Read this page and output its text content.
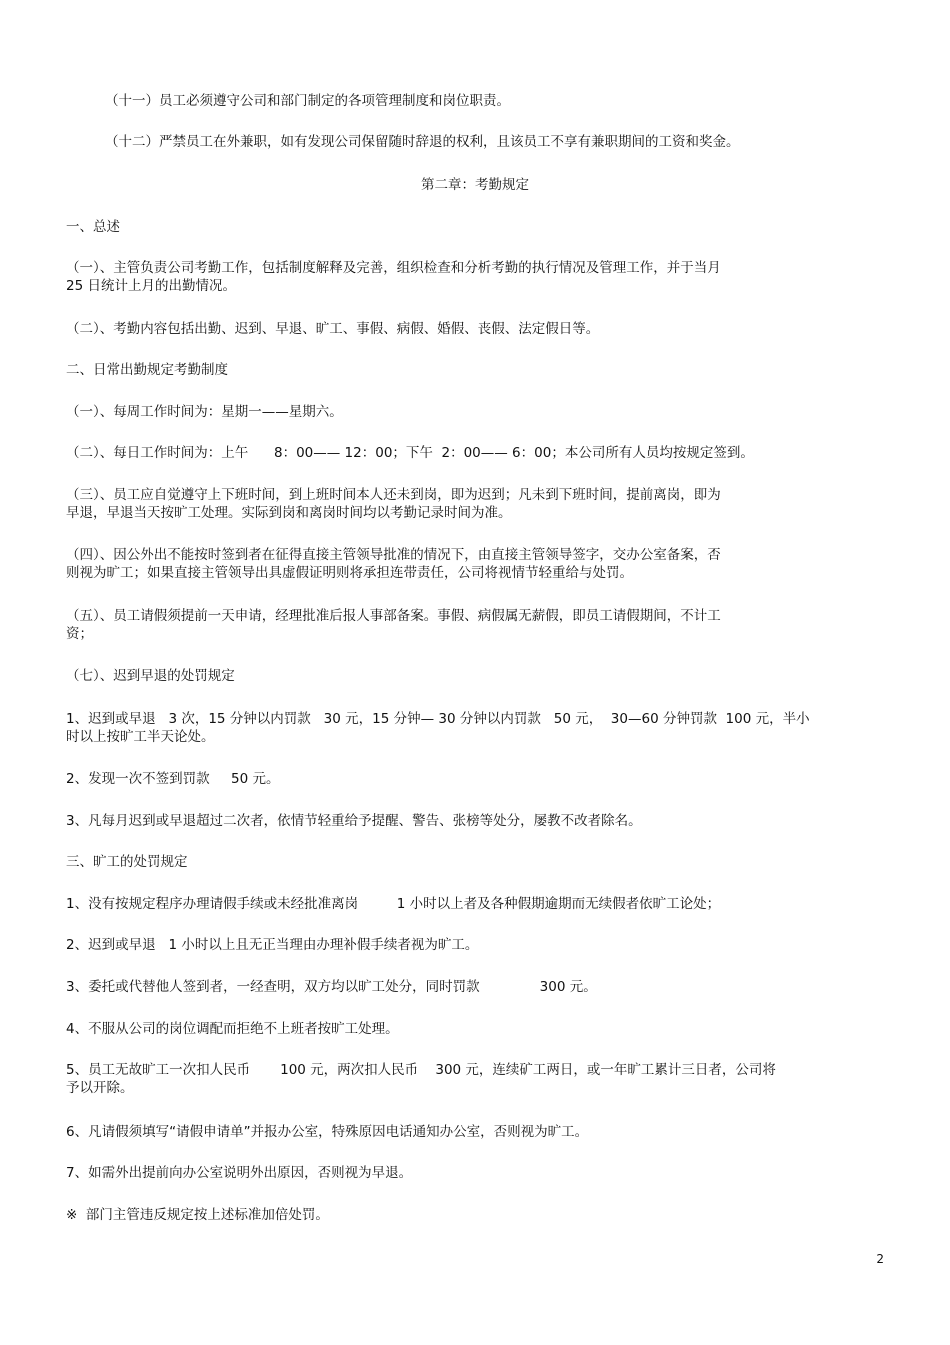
（十一）员工必须遵守公司和部门制定的各项管理制度和岗位职责。
（十二）严禁员工在外兼职，如有发现公司保留随时辞退的权利，且该员工不享有兼职期间的工资和奖金。
第二章：考勤规定
一、总述
（一）、主管负责公司考勤工作，包括制度解释及完善，组织检查和分析考勤的执行情况及管理工作，并于当月
25 日统计上月的出勤情况。
（二）、考勤内容包括出勤、迟到、早退、旷工、事假、病假、婚假、丧假、法定假日等。
二、日常出勤规定考勤制度
（一）、每周工作时间为：星期一——星期六。
（二）、每日工作时间为：上午      8：00—— 12：00；下午  2：00—— 6：00；本公司所有人员均按规定签到。
（三）、员工应自觉遵守上下班时间，到上班时间本人还未到岗，即为迟到；凡未到下班时间，提前离岗，即为
早退，早退当天按旷工处理。实际到岗和离岗时间均以考勤记录时间为准。
（四）、因公外出不能按时签到者在征得直接主管领导批准的情况下，由直接主管领导签字，交办公室备案，否
则视为旷工；如果直接主管领导出具虚假证明则将承担连带责任，公司将视情节轻重给与处罚。
（五）、员工请假须提前一天申请，经理批准后报人事部备案。事假、病假属无薪假，即员工请假期间，不计工
资；
（七）、迟到早退的处罚规定
1、迟到或早退   3 次，15 分钟以内罚款   30 元，15 分钟— 30 分钟以内罚款   50 元，  30—60 分钟罚款  100 元，半小
时以上按旷工半天论处。
2、发现一次不签到罚款     50 元。
3、凡每月迟到或早退超过二次者，依情节轻重给予提醒、警告、张榜等处分，屡教不改者除名。
三、旷工的处罚规定
1、没有按规定程序办理请假手续或未经批准离岗         1 小时以上者及各种假期逾期而无续假者依旷工论处；
2、迟到或早退   1 小时以上且无正当理由办理补假手续者视为旷工。
3、委托或代替他人签到者，一经查明，双方均以旷工处分，同时罚款              300 元。
4、不服从公司的岗位调配而拒绝不上班者按旷工处理。
5、员工无故旷工一次扣人民币       100 元，两次扣人民币    300 元，连续矿工两日，或一年旷工累计三日者，公司将
予以开除。
6、凡请假须填写“请假申请单”并报办公室，特殊原因电话通知办公室，否则视为旷工。
7、如需外出提前向办公室说明外出原因，否则视为早退。
※  部门主管违反规定按上述标准加倍处罚。
2
